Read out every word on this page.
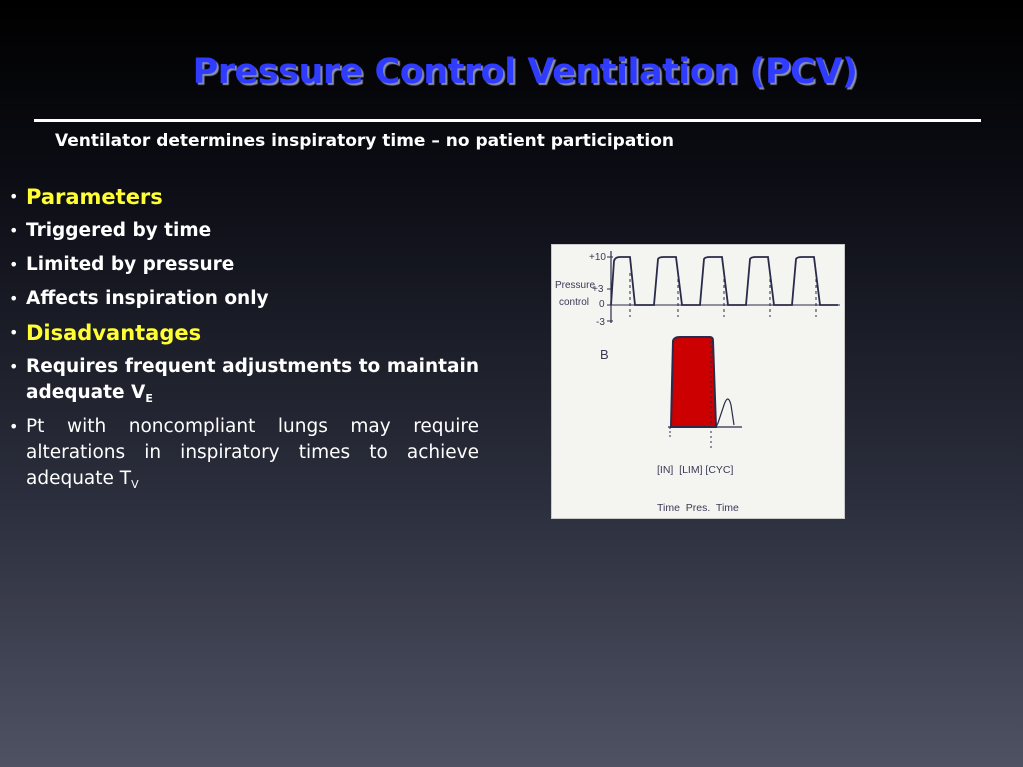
Pressure Control Ventilation (PCV)
Ventilator determines inspiratory time – no patient participation
• Parameters
• Triggered by time
• Limited by pressure
• Affects inspiration only
• Disadvantages
• Requires frequent adjustments to maintain adequate $V_E$
• Pt with noncompliant lungs may require alterations in inspiratory times to achieve adequate $T_V$
Pressure
control
+10
+3
0
-3
B
[IN]  [LIM] [CYC]
Time  Pres.  Time
